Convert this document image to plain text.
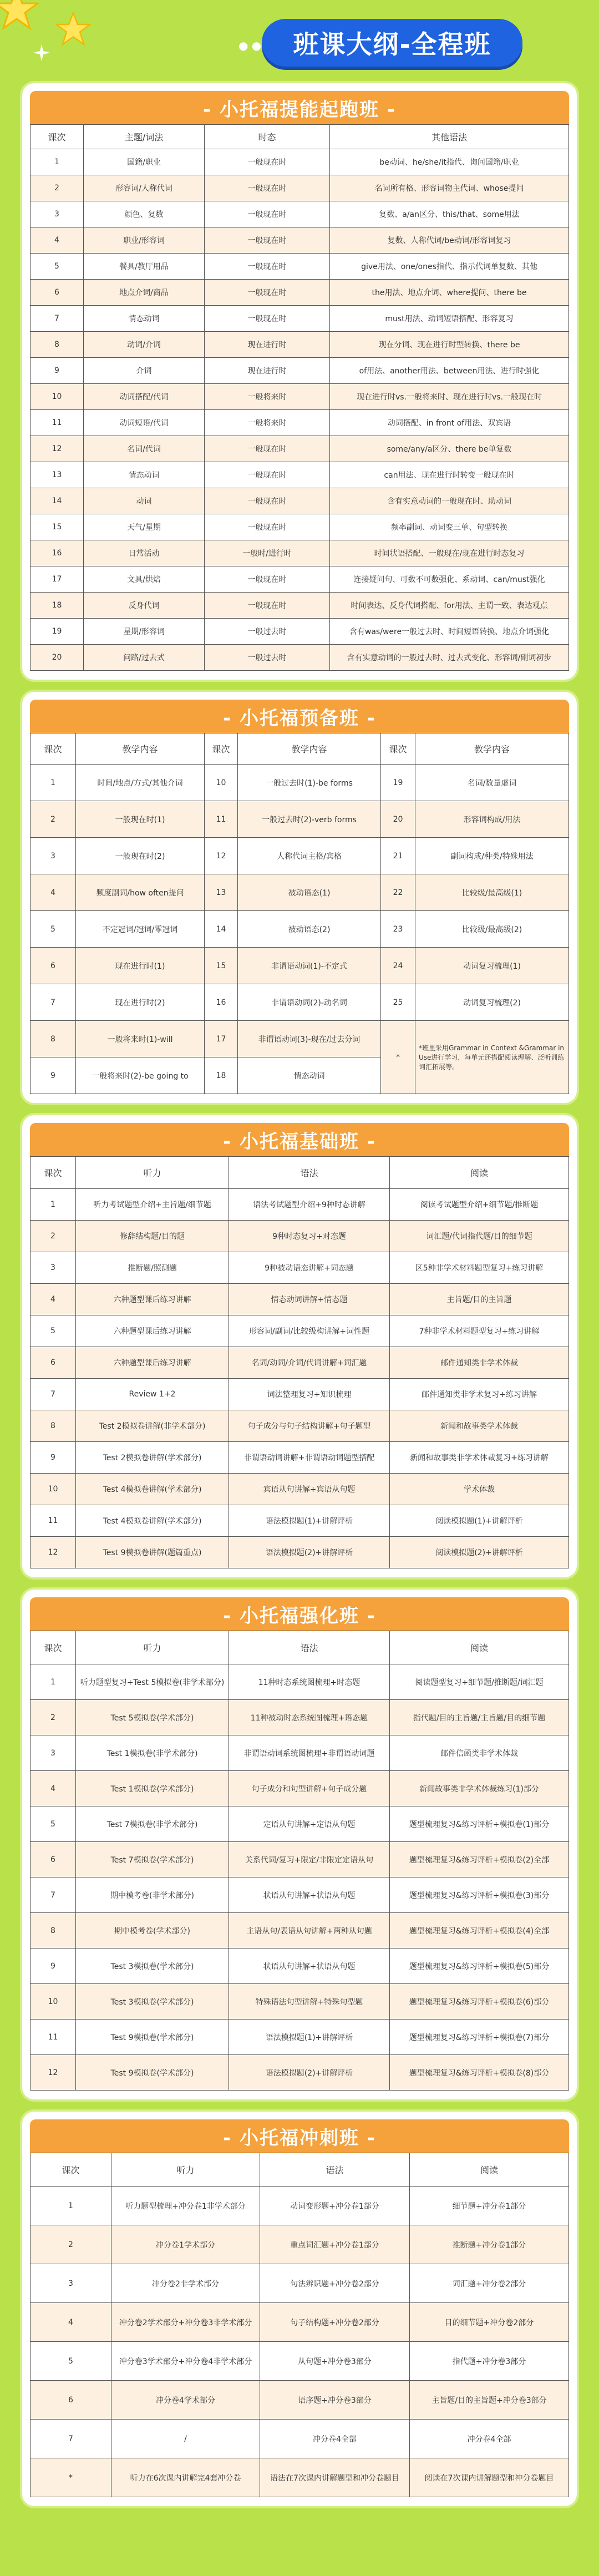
● ●	班课大纲-全程班
- 小托福提能起跑班 -
课次	主题/词法	时态	其他语法
1	国籍/职业	一般现在时	be动词、he/she/it指代、询问国籍/职业
2	形容词/人称代词	一般现在时	名词所有格、形容词物主代词、whose提问
3	颜色、复数	一般现在时	复数、a/an区分、this/that、some用法
4	职业/形容词	一般现在时	复数、人称代词/be动词/形容词复习
5	餐具/教厅用品	一般现在时	give用法、one/ones指代、指示代词单复数、其他
6	地点介词/商品	一般现在时	the用法、地点介词、where提问、there be
7	情态动词	一般现在时	must用法、动词短语搭配、形容复习
8	动词/介词	现在进行时	现在分词、现在进行时型转换、there be
9	介词	现在进行时	of用法、another用法、between用法、进行时强化
10	动词搭配/代词	一般将来时	现在进行时vs.一般将来时、现在进行时vs.一般现在时
11	动词短语/代词	一般将来时	动词搭配、in front of用法、双宾语
12	名词/代词	一般现在时	some/any/a区分、there be单复数
13	情态动词	一般现在时	can用法、现在进行时转变一般现在时
14	动词	一般现在时	含有实意动词的一般现在时、助动词
15	天气/星期	一般现在时	频率副词、动词变三单、句型转换
16	日常活动	一般时/进行时	时间状语搭配、一般现在/现在进行时态复习
17	文具/烘焙	一般现在时	连接疑问句、可数不可数强化、系动词、can/must强化
18	反身代词	一般现在时	时间表达、反身代词搭配、for用法、主谓一致、表达观点
19	星期/形容词	一般过去时	含有was/were一般过去时、时间短语转换、地点介词强化
20	问路/过去式	一般过去时	含有实意动词的一般过去时、过去式变化、形容词/副词初步
- 小托福预备班 -
课次	教学内容	课次	教学内容	课次	教学内容
1	时间/地点/方式/其他介词	10	一般过去时(1)-be forms	19	名词/数量虚词
2	一般现在时(1)	11	一般过去时(2)-verb forms	20	形容词构成/用法
3	一般现在时(2)	12	人称代词主格/宾格	21	副词构成/种类/特殊用法
4	频度副词/how often提问	13	被动语态(1)	22	比较级/最高级(1)
5	不定冠词/冠词/零冠词	14	被动语态(2)	23	比较级/最高级(2)
6	现在进行时(1)	15	非谓语动词(1)-不定式	24	动词复习梳理(1)
7	现在进行时(2)	16	非谓语动词(2)-动名词	25	动词复习梳理(2)
8	一般将来时(1)-will	17	非谓语动词(3)-现在/过去分词	*	*班里采用Grammar in Context &Grammar in Use进行学习，每单元还搭配阅读理解、泛听训练词汇拓展等。
9	一般将来时(2)-be going to	18	情态动词		
- 小托福基础班 -
课次	听力	语法	阅读
1	听力考试题型介绍+主旨题/细节题	语法考试题型介绍+9种时态讲解	阅读考试题型介绍+细节题/推断题
2	修辞结构题/目的题	9种时态复习+对态题	词汇题/代词指代题/目的细节题
3	推断题/照测题	9种被动语态讲解+词态题	区5种非学术材料题型复习+练习讲解
4	六种题型课后练习讲解	情态动词讲解+情态题	主旨题/目的主旨题
5	六种题型课后练习讲解	形容词/副词/比较级构讲解+词性题	7种非学术材料题型复习+练习讲解
6	六种题型课后练习讲解	名词/动词/介词/代词讲解+词汇题	邮件通知类非学术体裁
7	Review 1+2	词法整理复习+知识梳理	邮件通知类非学术复习+练习讲解
8	Test 2模拟卷讲解(非学术部分)	句子成分与句子结构讲解+句子题型	新闻和故事类学术体裁
9	Test 2模拟卷讲解(学术部分)	非谓语动词讲解+非谓语动词题型搭配	新闻和故事类非学术体裁复习+练习讲解
10	Test 4模拟卷讲解(学术部分)	宾语从句讲解+宾语从句题	学术体裁
11	Test 4模拟卷讲解(学术部分)	语法模拟题(1)+讲解评析	阅读模拟题(1)+讲解评析
12	Test 9模拟卷讲解(题篇重点)	语法模拟题(2)+讲解评析	阅读模拟题(2)+讲解评析
- 小托福强化班 -
课次	听力	语法	阅读
1	听力题型复习+Test 5模拟卷(非学术部分)	11种时态系统图梳理+时态题	阅读题型复习+细节题/推断题/词汇题
2	Test 5模拟卷(学术部分)	11种被动时态系统图梳理+语态题	指代题/目的主旨题/主旨题/目的细节题
3	Test 1模拟卷(非学术部分)	非谓语动词系统图梳理+非谓语动词题	邮件信函类非学术体裁
4	Test 1模拟卷(学术部分)	句子成分和句型讲解+句子成分题	新闻故事类非学术体裁练习(1)部分
5	Test 7模拟卷(非学术部分)	定语从句讲解+定语从句题	题型梳理复习&练习评析+模拟卷(1)部分
6	Test 7模拟卷(学术部分)	关系代词/复习+限定/非限定定语从句	题型梳理复习&练习评析+模拟卷(2)全部
7	期中模考卷(非学术部分)	状语从句讲解+状语从句题	题型梳理复习&练习评析+模拟卷(3)部分
8	期中模考卷(学术部分)	主语从句/表语从句讲解+两种从句题	题型梳理复习&练习评析+模拟卷(4)全部
9	Test 3模拟卷(学术部分)	状语从句讲解+状语从句题	题型梳理复习&练习评析+模拟卷(5)部分
10	Test 3模拟卷(学术部分)	特殊语法句型讲解+特殊句型题	题型梳理复习&练习评析+模拟卷(6)部分
11	Test 9模拟卷(学术部分)	语法模拟题(1)+讲解评析	题型梳理复习&练习评析+模拟卷(7)部分
12	Test 9模拟卷(学术部分)	语法模拟题(2)+讲解评析	题型梳理复习&练习评析+模拟卷(8)部分
- 小托福冲刺班 -
课次	听力	语法	阅读
1	听力题型梳理+冲分卷1非学术部分	动词变形题+冲分卷1部分	细节题+冲分卷1部分
2	冲分卷1学术部分	重点词汇题+冲分卷1部分	推断题+冲分卷1部分
3	冲分卷2非学术部分	句法辨识题+冲分卷2部分	词汇题+冲分卷2部分
4	冲分卷2学术部分+冲分卷3非学术部分	句子结构题+冲分卷2部分	目的细节题+冲分卷2部分
5	冲分卷3学术部分+冲分卷4非学术部分	从句题+冲分卷3部分	指代题+冲分卷3部分
6	冲分卷4学术部分	语序题+冲分卷3部分	主旨题/目的主旨题+冲分卷3部分
7	/	冲分卷4全部	冲分卷4全部
*	听力在6次课内讲解完4套冲分卷	语法在7次课内讲解题型和冲分卷题目	阅读在7次课内讲解题型和冲分卷题目
